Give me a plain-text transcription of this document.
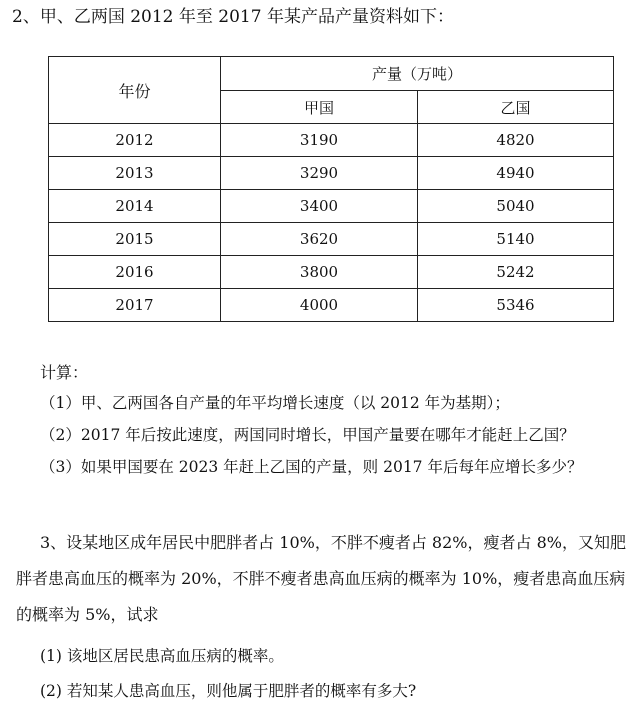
2、甲、乙两国 2012 年至 2017 年某产品产量资料如下：
年份	产量（万吨）	
	甲国	乙国
2012	3190	4820
2013	3290	4940
2014	3400	5040
2015	3620	5140
2016	3800	5242
2017	4000	5346
计算：
（1）甲、乙两国各自产量的年平均增长速度（以 2012 年为基期）；
（2）2017 年后按此速度，两国同时增长，甲国产量要在哪年才能赶上乙国？
（3）如果甲国要在 2023 年赶上乙国的产量，则 2017 年后每年应增长多少？
3、设某地区成年居民中肥胖者占 10%，不胖不瘦者占 82%，瘦者占 8%，又知肥
胖者患高血压的概率为 20%，不胖不瘦者患高血压病的概率为 10%，瘦者患高血压病
的概率为 5%，试求
(1) 该地区居民患高血压病的概率。
(2) 若知某人患高血压，则他属于肥胖者的概率有多大?
